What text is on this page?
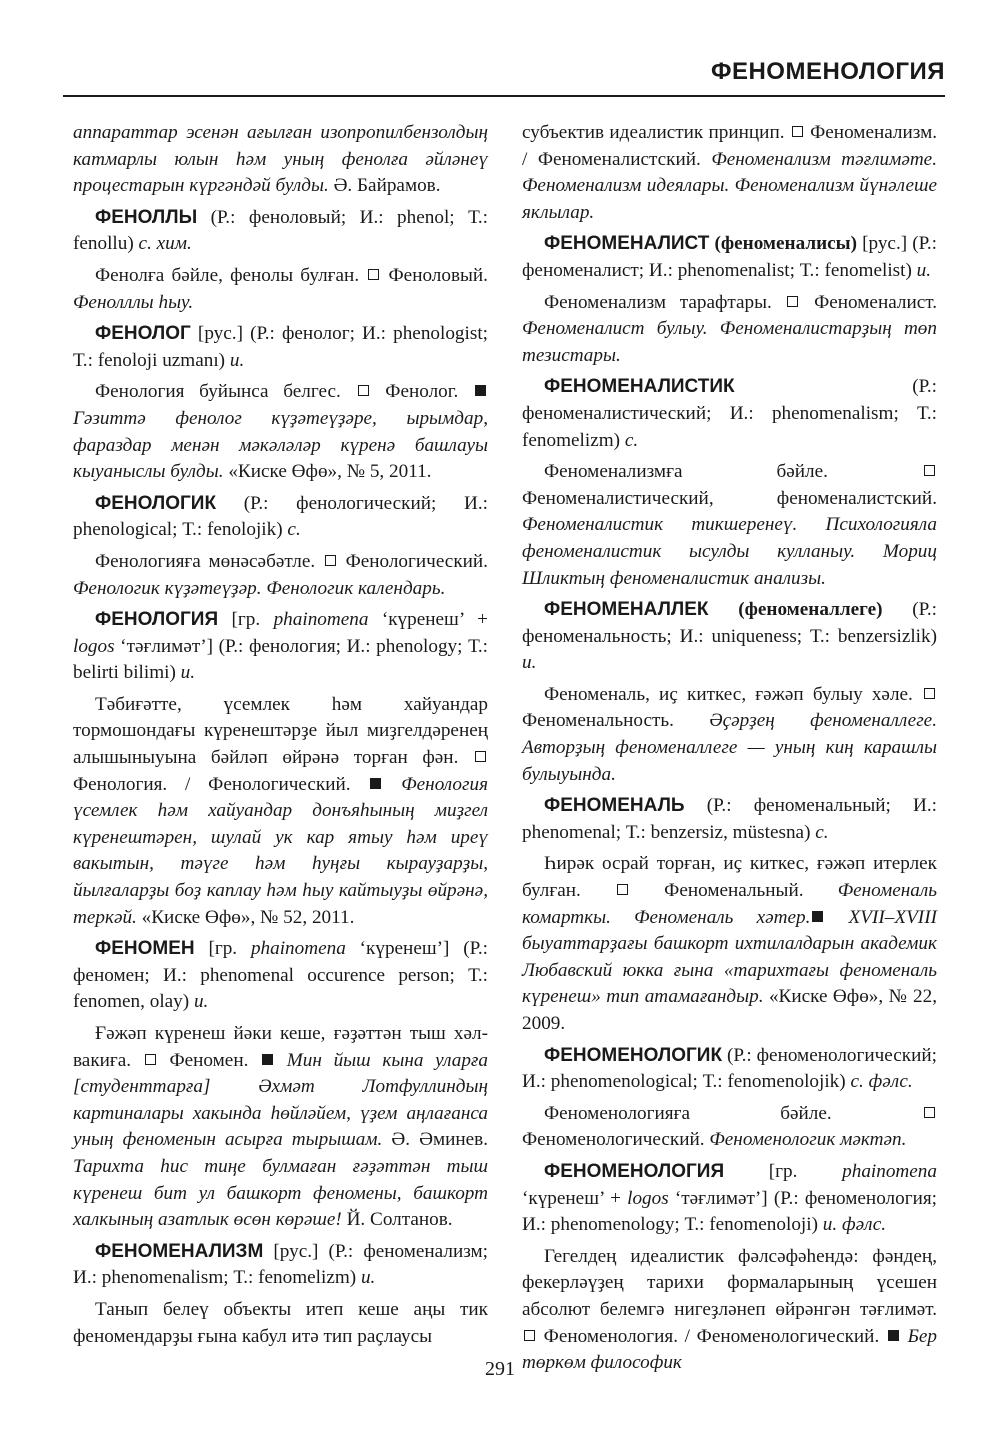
ФЕНОМЕНОЛОГИЯ

аппараттар эсенән ағылған изопропилбензолдың катмарлы юлын һәм уның фенолға әйләнеү процестарын күргәндәй булды. Ә. Байрамов.

ФЕНОЛЛЫ (Р.: феноловый; И.: phenol; Т.: fenollu) с. хим.

Фенолға бәйле, фенолы булған.  Феноловый. Фенолллы һыу.

ФЕНОЛОГ [рус.] (Р.: фенолог; И.: phenologist; Т.: fenoloji uzmanı) и.

Фенология буйынса белгес.  Фенолог.  Гәзиттә фенолог күҙәтеүҙәре, ырымдар, фараздар менән мәкәләләр күренә башлауы кыуаныслы булды. «Киске Өфө», № 5, 2011.

ФЕНОЛОГИК (Р.: фенологический; И.: phenological; Т.: fenolojik) с.

Фенологияға мөнәсәбәтле.  Фенологический. Фенологик күҙәтеүҙәр. Фенологик календарь.

ФЕНОЛОГИЯ [гр. phainomena ‘күренеш’ + logos ‘тәғлимәт’] (Р.: фенология; И.: phenology; Т.: belirti bilimi) и.

Тәбиғәтте, үсемлек һәм хайуандар тормошондағы күренештәрҙе йыл миҙгелдәренең алышыныуына бәйләп өйрәнә торған фән.  Фенология. / Фенологический.  Фенология үсемлек һәм хайуандар донъяһының миҙгел күренештәрен, шулай ук кар ятыу һәм иреү вакытын, тәүге һәм һуңғы кырауҙарҙы, йылғаларҙы боҙ каплау һәм һыу кайтыуҙы өйрәнә, теркәй. «Киске Өфө», № 52, 2011.

ФЕНОМЕН [гр. phainomena ‘күренеш’] (Р.: феномен; И.: phenomenal occurence person; Т.: fenomen, olay) и.

Ғәжәп күренеш йәки кеше, ғәҙәттән тыш хәл-вакиға.  Феномен.  Мин йыш кына уларға [студенттарға] Әхмәт Лотфуллиндың картиналары хакында һөйләйем, үҙем аңлағанса уның феноменын асырға тырышам. Ә. Әминев. Тарихта һис тиңе булмаған ғәҙәттән тыш күренеш бит ул башкорт феномены, башкорт халкының азатлык өсөн көрәше! Й. Солтанов.

ФЕНОМЕНАЛИЗМ [рус.] (Р.: феноменализм; И.: phenomenalism; Т.: fenomelizm) и.

Танып белеү объекты итеп кеше аңы тик феномендарҙы ғына кабул итә тип раҫлаусы

субъектив идеалистик принцип.  Феноменализм. / Феноменалистский. Феноменализм тәғлимәте. Феноменализм идеялары. Феноменализм йүнәлеше яклылар.

ФЕНОМЕНАЛИСТ (феноменалисы) [рус.] (Р.: феноменалист; И.: phenomenalist; Т.: fenomelist) и.

Феноменализм тарафтары.  Феноменалист. Феноменалист булыу. Феноменалистарҙың төп тезистары.

ФЕНОМЕНАЛИСТИК (Р.: феноменалистический; И.: phenomenalism; Т.: fenomelizm) с.

Феноменализмға бәйле.  Феноменалистический, феноменалистский. Феноменалистик тикшеренеү. Психологияла феноменалистик ысулды кулланыу. Мориц Шликтың феноменалистик анализы.

ФЕНОМЕНАЛЛЕК (феноменаллеге) (Р.: феноменальность; И.: uniqueness; Т.: benzersizlik) и.

Феноменаль, иҫ киткес, ғәжәп булыу хәле.  Феноменальность. Әҫәрҙең феноменаллеге. Авторҙың феноменаллеге — уның киң карашлы булыуында.

ФЕНОМЕНАЛЬ (Р.: феноменальный; И.: phenomenal; Т.: benzersiz, müstesna) с.

Һирәк осрай торған, иҫ киткес, ғәжәп итерлек булған.  Феноменальный. Феноменаль комарткы. Феноменаль хәтер. XVII–XVIII быуаттарҙағы башкорт ихтилалдарын академик Любавский юкка ғына «тарихтағы феноменаль күренеш» тип атамағандыр. «Киске Өфө», № 22, 2009.

ФЕНОМЕНОЛОГИК (Р.: феноменологический; И.: phenomenological; Т.: fenomenolojik) с. фәлс.

Феноменологияға бәйле.  Феноменологический. Феноменологик мәктәп.

ФЕНОМЕНОЛОГИЯ [гр. phainomena ‘күренеш’ + logos ‘тәғлимәт’] (Р.: феноменология; И.: phenomenology; Т.: fenomenoloji) и. фәлс.

Гегелдең идеалистик фәлсәфәһендә: фәндең, фекерләүҙең тарихи формаларының үсешен абсолют белемгә нигеҙләнеп өйрәнгән тәғлимәт.  Феноменология. / Феноменологический.  Бер төркөм философик

291
